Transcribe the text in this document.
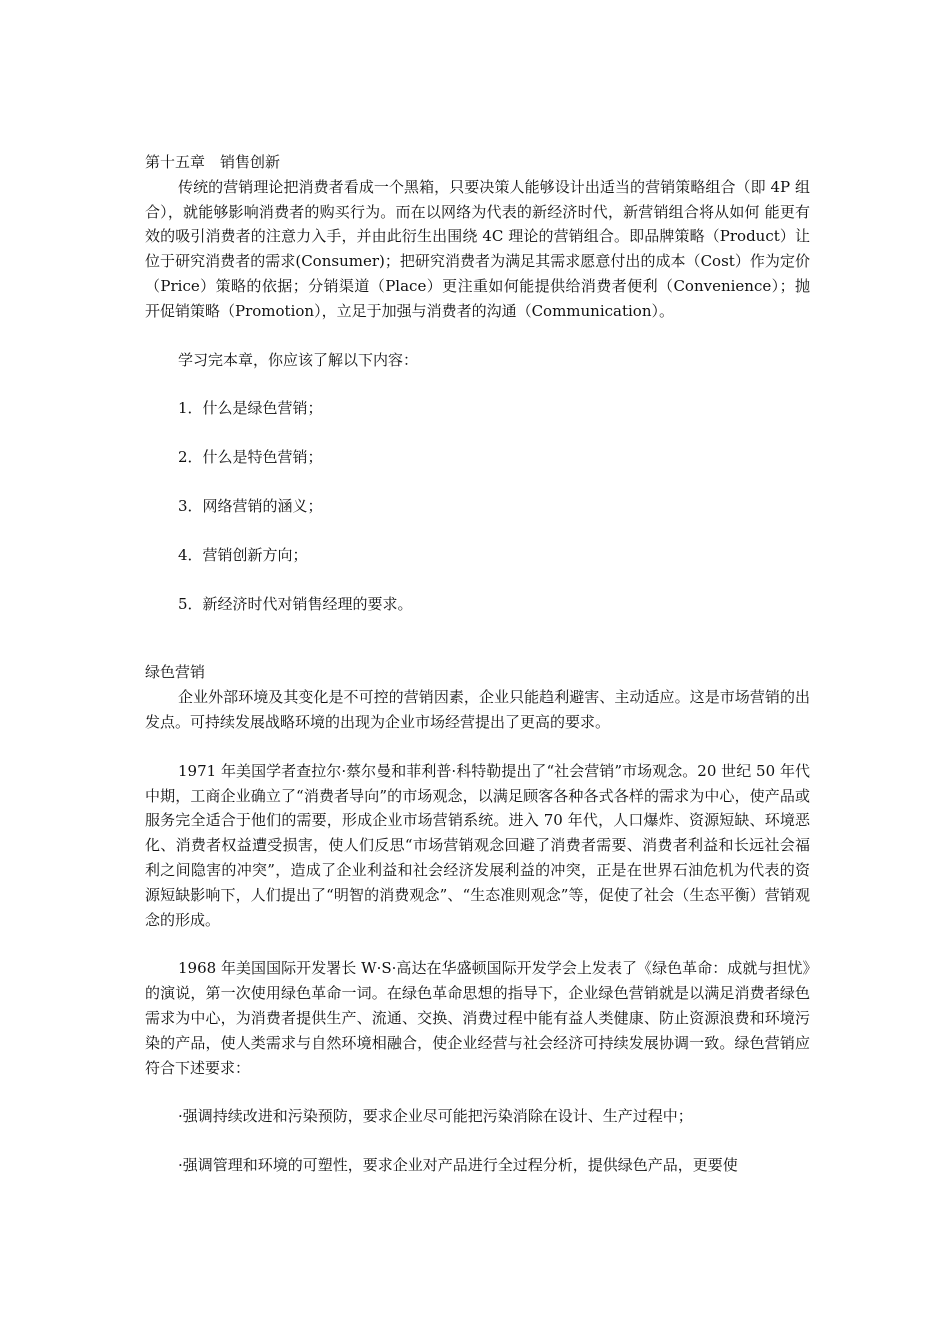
第十五章　销售创新

传统的营销理论把消费者看成一个黑箱，只要决策人能够设计出适当的营销策略组合（即 4P 组合），就能够影响消费者的购买行为。而在以网络为代表的新经济时代，新营销组合将从如何 能更有效的吸引消费者的注意力入手，并由此衍生出围绕 4C 理论的营销组合。即品牌策略（Product）让位于研究消费者的需求(Consumer)；把研究消费者为满足其需求愿意付出的成本（Cost）作为定价（Price）策略的依据；分销渠道（Place）更注重如何能提供给消费者便利（Convenience）；抛开促销策略（Promotion），立足于加强与消费者的沟通（Communication）。

学习完本章，你应该了解以下内容：

1．什么是绿色营销；

2．什么是特色营销；

3．网络营销的涵义；

4．营销创新方向；

5．新经济时代对销售经理的要求。

绿色营销

企业外部环境及其变化是不可控的营销因素，企业只能趋利避害、主动适应。这是市场营销的出发点。可持续发展战略环境的出现为企业市场经营提出了更高的要求。

1971 年美国学者查拉尔·蔡尔曼和菲利普·科特勒提出了“社会营销”市场观念。20 世纪 50 年代中期，工商企业确立了“消费者导向”的市场观念，以满足顾客各种各式各样的需求为中心，使产品或服务完全适合于他们的需要，形成企业市场营销系统。进入 70 年代，人口爆炸、资源短缺、环境恶化、消费者权益遭受损害，使人们反思“市场营销观念回避了消费者需要、消费者利益和长远社会福利之间隐害的冲突”，造成了企业利益和社会经济发展利益的冲突，正是在世界石油危机为代表的资源短缺影响下，人们提出了“明智的消费观念”、“生态准则观念”等，促使了社会（生态平衡）营销观念的形成。

1968 年美国国际开发署长 W·S·高达在华盛顿国际开发学会上发表了《绿色革命：成就与担忧》的演说，第一次使用绿色革命一词。在绿色革命思想的指导下，企业绿色营销就是以满足消费者绿色需求为中心，为消费者提供生产、流通、交换、消费过程中能有益人类健康、防止资源浪费和环境污染的产品，使人类需求与自然环境相融合，使企业经营与社会经济可持续发展协调一致。绿色营销应符合下述要求：

·强调持续改进和污染预防，要求企业尽可能把污染消除在设计、生产过程中；

·强调管理和环境的可塑性，要求企业对产品进行全过程分析，提供绿色产品，更要使
